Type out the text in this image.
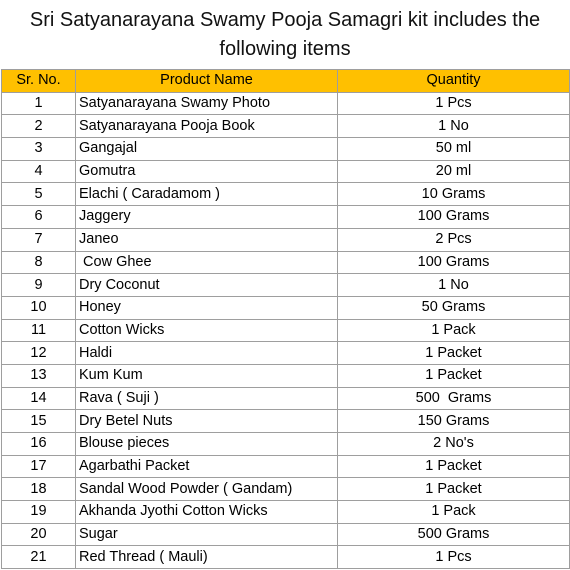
Sri Satyanarayana Swamy Pooja Samagri kit includes the
following items
Sr. No.	Product Name	Quantity
1	Satyanarayana Swamy Photo	1 Pcs
2	Satyanarayana Pooja Book	1 No
3	Gangajal	50 ml
4	Gomutra	20 ml
5	Elachi ( Caradamom )	10 Grams
6	Jaggery	100 Grams
7	Janeo	2 Pcs
8	Cow Ghee	100 Grams
9	Dry Coconut	1 No
10	Honey	50 Grams
11	Cotton Wicks	1 Pack
12	Haldi	1 Packet
13	Kum Kum	1 Packet
14	Rava ( Suji )	500  Grams
15	Dry Betel Nuts	150 Grams
16	Blouse pieces	2 No's
17	Agarbathi Packet	1 Packet
18	Sandal Wood Powder ( Gandam)	1 Packet
19	Akhanda Jyothi Cotton Wicks	1 Pack
20	Sugar	500 Grams
21	Red Thread ( Mauli)	1 Pcs
